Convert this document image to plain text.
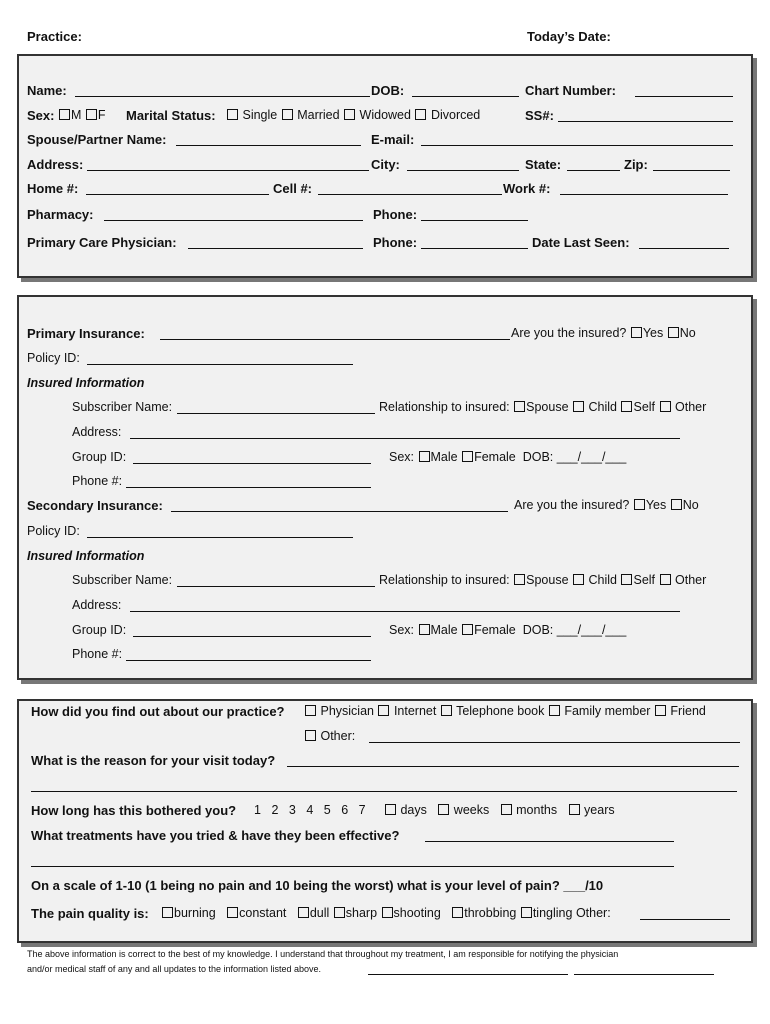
Practice:	Today’s Date:
Name:	DOB:	Chart Number:
Sex:	M F Marital Status:	Single Married Widowed Divorced	SS#:
Spouse/Partner Name:	E-mail:
Address:	City:	State:	Zip:
Home #:	Cell #:	Work #:
Pharmacy:	Phone:
Primary Care Physician:	Phone:	Date Last Seen:
Primary Insurance:	Are you the insured? Yes No
Policy ID:
Insured Information
Subscriber Name:	Relationship to insured: Spouse Child Self Other
Address:
Group ID:	Sex: Male Female DOB: ___/___/___
Phone #:
Secondary Insurance:	Are you the insured? Yes No
Policy ID:
Insured Information
Subscriber Name:	Relationship to insured: Spouse Child Self Other
Address:
Group ID:	Sex: Male Female DOB: ___/___/___
Phone #:
How did you find out about our practice?	Physician Internet Telephone book Family member Friend
Other:
What is the reason for your visit today?
How long has this bothered you? 1 2 3 4 5 6 7	days weeks months years
What treatments have you tried & have they been effective?
On a scale of 1-10 (1 being no pain and 10 being the worst) what is your level of pain? ___/10
The pain quality is:	burning constant dull sharp shooting throbbing tingling Other:
The above information is correct to the best of my knowledge. I understand that throughout my treatment, I am responsible for notifying the physician
and/or medical staff of any and all updates to the information listed above.
